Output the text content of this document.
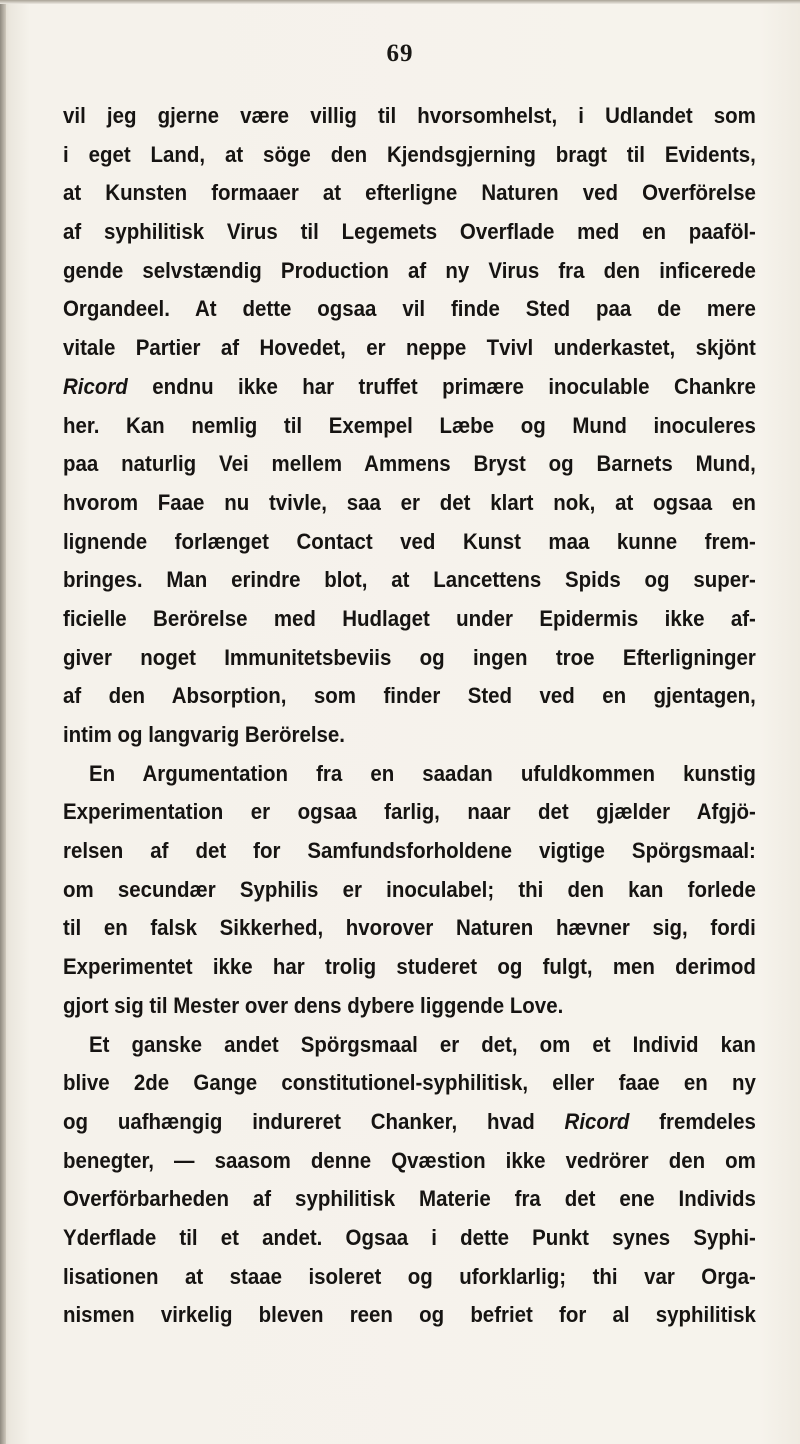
69
vil jeg gjerne være villig til hvorsomhelst, i Udlandet som
i eget Land, at söge den Kjendsgjerning bragt til Evidents,
at Kunsten formaaer at efterligne Naturen ved Overförelse
af syphilitisk Virus til Legemets Overflade med en paaföl-
gende selvstændig Production af ny Virus fra den inficerede
Organdeel. At dette ogsaa vil finde Sted paa de mere
vitale Partier af Hovedet, er neppe Tvivl underkastet, skjönt
Ricord endnu ikke har truffet primære inoculable Chankre
her. Kan nemlig til Exempel Læbe og Mund inoculeres
paa naturlig Vei mellem Ammens Bryst og Barnets Mund,
hvorom Faae nu tvivle, saa er det klart nok, at ogsaa en
lignende forlænget Contact ved Kunst maa kunne frem-
bringes. Man erindre blot, at Lancettens Spids og super-
ficielle Berörelse med Hudlaget under Epidermis ikke af-
giver noget Immunitetsbeviis og ingen troe Efterligninger
af den Absorption, som finder Sted ved en gjentagen,
intim og langvarig Berörelse.
En Argumentation fra en saadan ufuldkommen kunstig
Experimentation er ogsaa farlig, naar det gjælder Afgjö-
relsen af det for Samfundsforholdene vigtige Spörgsmaal:
om secundær Syphilis er inoculabel; thi den kan forlede
til en falsk Sikkerhed, hvorover Naturen hævner sig, fordi
Experimentet ikke har trolig studeret og fulgt, men derimod
gjort sig til Mester over dens dybere liggende Love.
Et ganske andet Spörgsmaal er det, om et Individ kan
blive 2de Gange constitutionel-syphilitisk, eller faae en ny
og uafhængig indureret Chanker, hvad Ricord fremdeles
benegter, — saasom denne Qvæstion ikke vedrörer den om
Overförbarheden af syphilitisk Materie fra det ene Individs
Yderflade til et andet. Ogsaa i dette Punkt synes Syphi-
lisationen at staae isoleret og uforklarlig; thi var Orga-
nismen virkelig bleven reen og befriet for al syphilitisk
